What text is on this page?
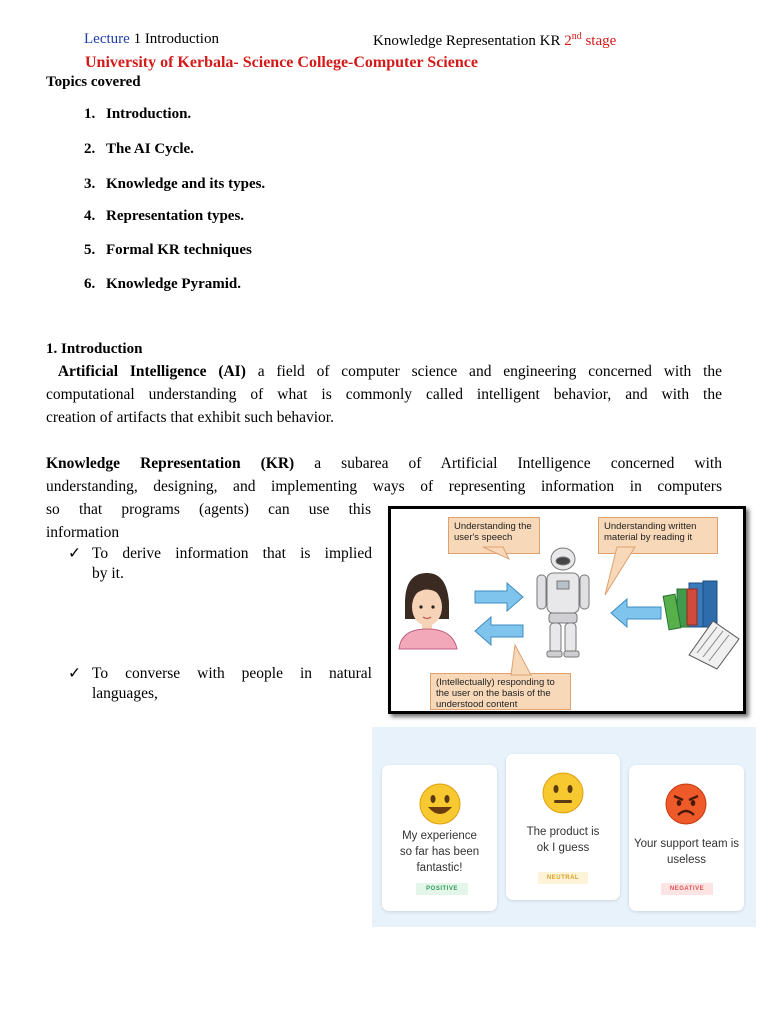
Lecture 1 Introduction	Knowledge Representation KR 2nd stage
University of Kerbala- Science College-Computer Science
Topics covered
1. Introduction.
2. The AI Cycle.
3. Knowledge and its types.
4. Representation types.
5. Formal KR techniques
6. Knowledge Pyramid.
1. Introduction
Artificial Intelligence (AI) a field of computer science and engineering concerned with the
computational understanding of what is commonly called intelligent behavior, and with the
creation of artifacts that exhibit such behavior.
Knowledge Representation (KR) a subarea of Artificial Intelligence concerned with
understanding, designing, and implementing ways of representing information in computers
so that programs (agents) can use this
information
✓ To derive information that is implied
by it.
✓ To converse with people in natural
languages,
Understanding the user's speech
Understanding written material by reading it
(Intellectually) responding to the user on the basis of the understood content
My experience
so far has been
fantastic!
POSITIVE
The product is
ok I guess
NEUTRAL
Your support team is
useless
NEGATIVE
